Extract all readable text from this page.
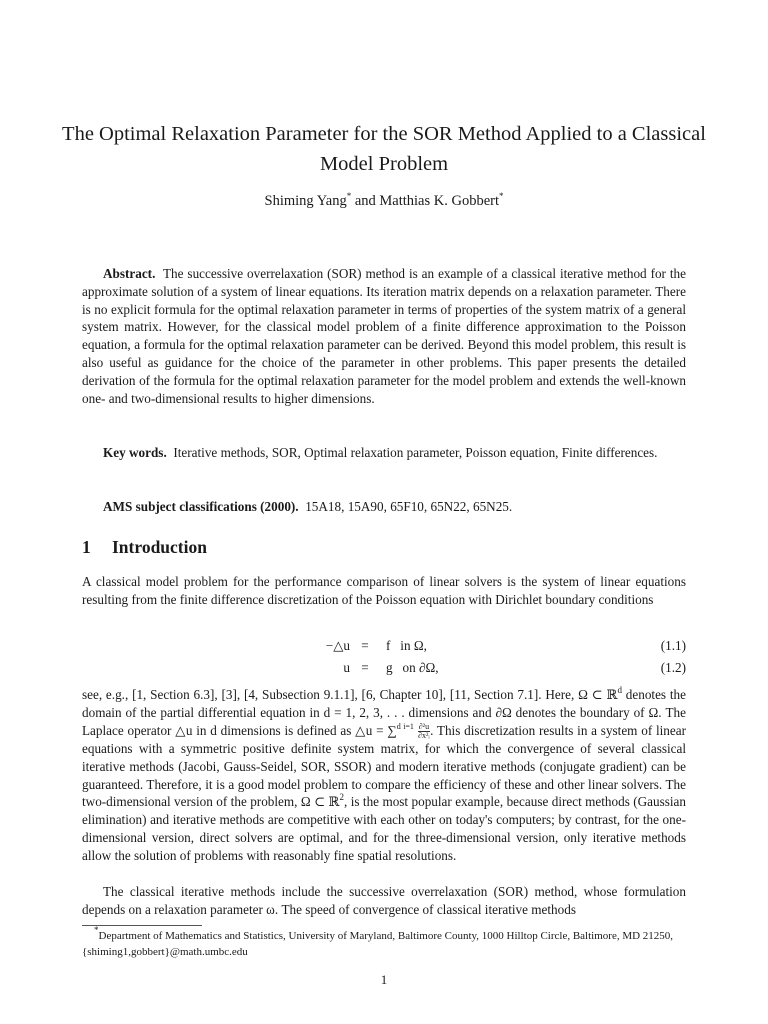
The Optimal Relaxation Parameter for the SOR Method Applied to a Classical Model Problem
Shiming Yang* and Matthias K. Gobbert*
Abstract. The successive overrelaxation (SOR) method is an example of a classical iterative method for the approximate solution of a system of linear equations. Its iteration matrix depends on a relaxation parameter. There is no explicit formula for the optimal relaxation parameter in terms of properties of the system matrix of a general system matrix. However, for the classical model problem of a finite difference approximation to the Poisson equation, a formula for the optimal relaxation parameter can be derived. Beyond this model problem, this result is also useful as guidance for the choice of the parameter in other problems. This paper presents the detailed derivation of the formula for the optimal relaxation parameter for the model problem and extends the well-known one- and two-dimensional results to higher dimensions.
Key words. Iterative methods, SOR, Optimal relaxation parameter, Poisson equation, Finite differences.
AMS subject classifications (2000). 15A18, 15A90, 65F10, 65N22, 65N25.
1 Introduction
A classical model problem for the performance comparison of linear solvers is the system of linear equations resulting from the finite difference discretization of the Poisson equation with Dirichlet boundary conditions
−△u = f   in Ω,	(1.1)
u = g   on ∂Ω,	(1.2)
see, e.g., [1, Section 6.3], [3], [4, Subsection 9.1.1], [6, Chapter 10], [11, Section 7.1]. Here, Ω ⊂ ℝ$^d$ denotes the domain of the partial differential equation in d = 1, 2, 3, . . . dimensions and ∂Ω denotes the boundary of Ω. The Laplace operator △u in d dimensions is defined as △u = $\sum^{d i=1} \frac{\text{∂²u}}{\text{∂x²ᵢ}}$ . This discretization results in a system of linear equations with a symmetric positive definite system matrix, for which the convergence of several classical iterative methods (Jacobi, Gauss-Seidel, SOR, SSOR) and modern iterative methods (conjugate gradient) can be guaranteed. Therefore, it is a good model problem to compare the efficiency of these and other linear solvers. The two-dimensional version of the problem, Ω ⊂ ℝ$^2$, is the most popular example, because direct methods (Gaussian elimination) and iterative methods are competitive with each other on today's computers; by contrast, for the one-dimensional version, direct solvers are optimal, and for the three-dimensional version, only iterative methods allow the solution of problems with reasonably fine spatial resolutions.
The classical iterative methods include the successive overrelaxation (SOR) method, whose formulation depends on a relaxation parameter ω. The speed of convergence of classical iterative methods
*Department of Mathematics and Statistics, University of Maryland, Baltimore County, 1000 Hilltop Circle, Baltimore, MD 21250, {shiming1,gobbert}@math.umbc.edu
1
